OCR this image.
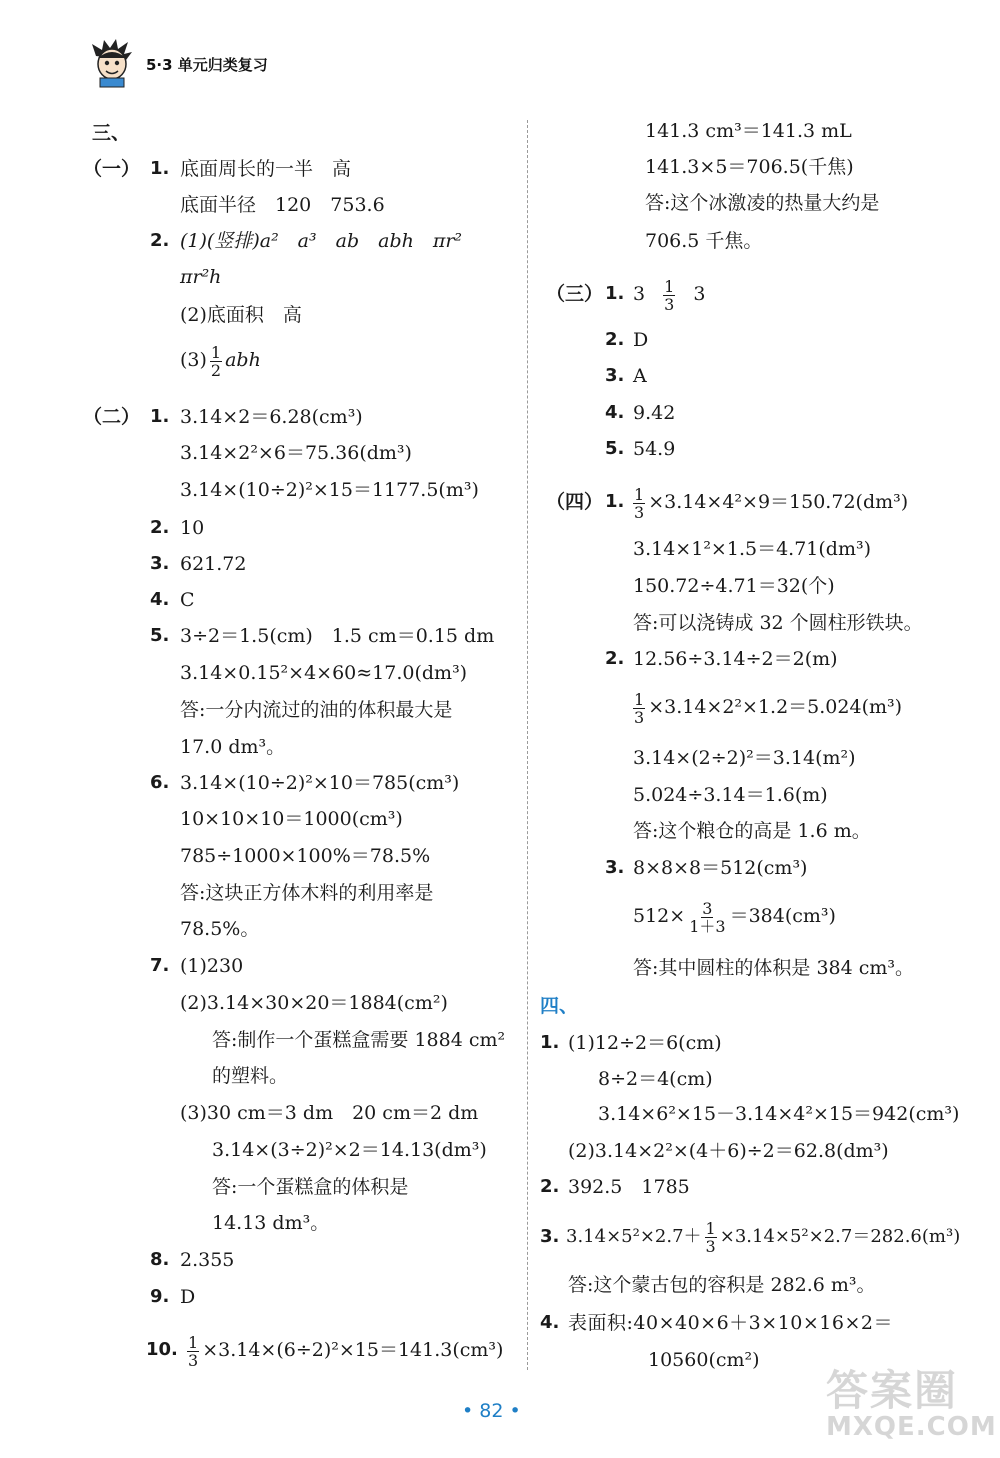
5·3 单元归类复习
三、
（一） 1. 底面周长的一半　高
底面半径　120　753.6
2. (1)(竖排)a²　a³　ab　abh　πr²
πr²h
(2)底面积　高
$(3) \frac{1}{2}$ abh
（二） 1. 3.14×2＝6.28(cm³)
3.14×2²×6＝75.36(dm³)
3.14×(10÷2)²×15＝1177.5(m³)
2. 10
3. 621.72
4. C
5. 3÷2＝1.5(cm)　1.5 cm＝0.15 dm
3.14×0.15²×4×60≈17.0(dm³)
答:一分内流过的油的体积最大是
17.0 dm³。
6. 3.14×(10÷2)²×10＝785(cm³)
10×10×10＝1000(cm³)
785÷1000×100%＝78.5%
答:这块正方体木料的利用率是
78.5%。
7. (1)230
(2)3.14×30×20＝1884(cm²)
答:制作一个蛋糕盒需要 1884 cm²
的塑料。
(3)30 cm＝3 dm　20 cm＝2 dm
3.14×(3÷2)²×2＝14.13(dm³)
答:一个蛋糕盒的体积是
14.13 dm³。
8. 2.355
9. D
10. $\frac{1}{3} \times 3.14\times(6\div 2)^2\times 15=141.3(cm^3)$
141.3 cm³＝141.3 mL
141.3×5＝706.5(千焦)
答:这个冰激凌的热量大约是
706.5 千焦。
（三） 1. $3 \frac{1}{3} 3$
2. D
3. A
4. 9.42
5. 54.9
（四） 1. $\frac{1}{3} \times 3.14\times 4^2\times 9=150.72(dm^3)$
3.14×1²×1.5＝4.71(dm³)
150.72÷4.71＝32(个)
答:可以浇铸成 32 个圆柱形铁块。
2. 12.56÷3.14÷2＝2(m)
$\frac{1}{3} \times 3.14\times 2^2\times 1.2=5.024(m^3)$
3.14×(2÷2)²＝3.14(m²)
5.024÷3.14＝1.6(m)
答:这个粮仓的高是 1.6 m。
3. 8×8×8＝512(cm³)
$512\times \frac{3}{1+3} =384(cm^3)$
答:其中圆柱的体积是 384 cm³。
四、
1. (1)12÷2＝6(cm)
8÷2＝4(cm)
3.14×6²×15－3.14×4²×15＝942(cm³)
(2)3.14×2²×(4＋6)÷2＝62.8(dm³)
2. 392.5　1785
3. $3.14\times 5^2\times 2.7+ \frac{1}{3} \times 3.14\times 5^2\times 2.7=282.6(m^3)$
答:这个蒙古包的容积是 282.6 m³。
4. 表面积:40×40×6＋3×10×16×2＝
10560(cm²)
• 82 •	答案圈
MXQE.COM
